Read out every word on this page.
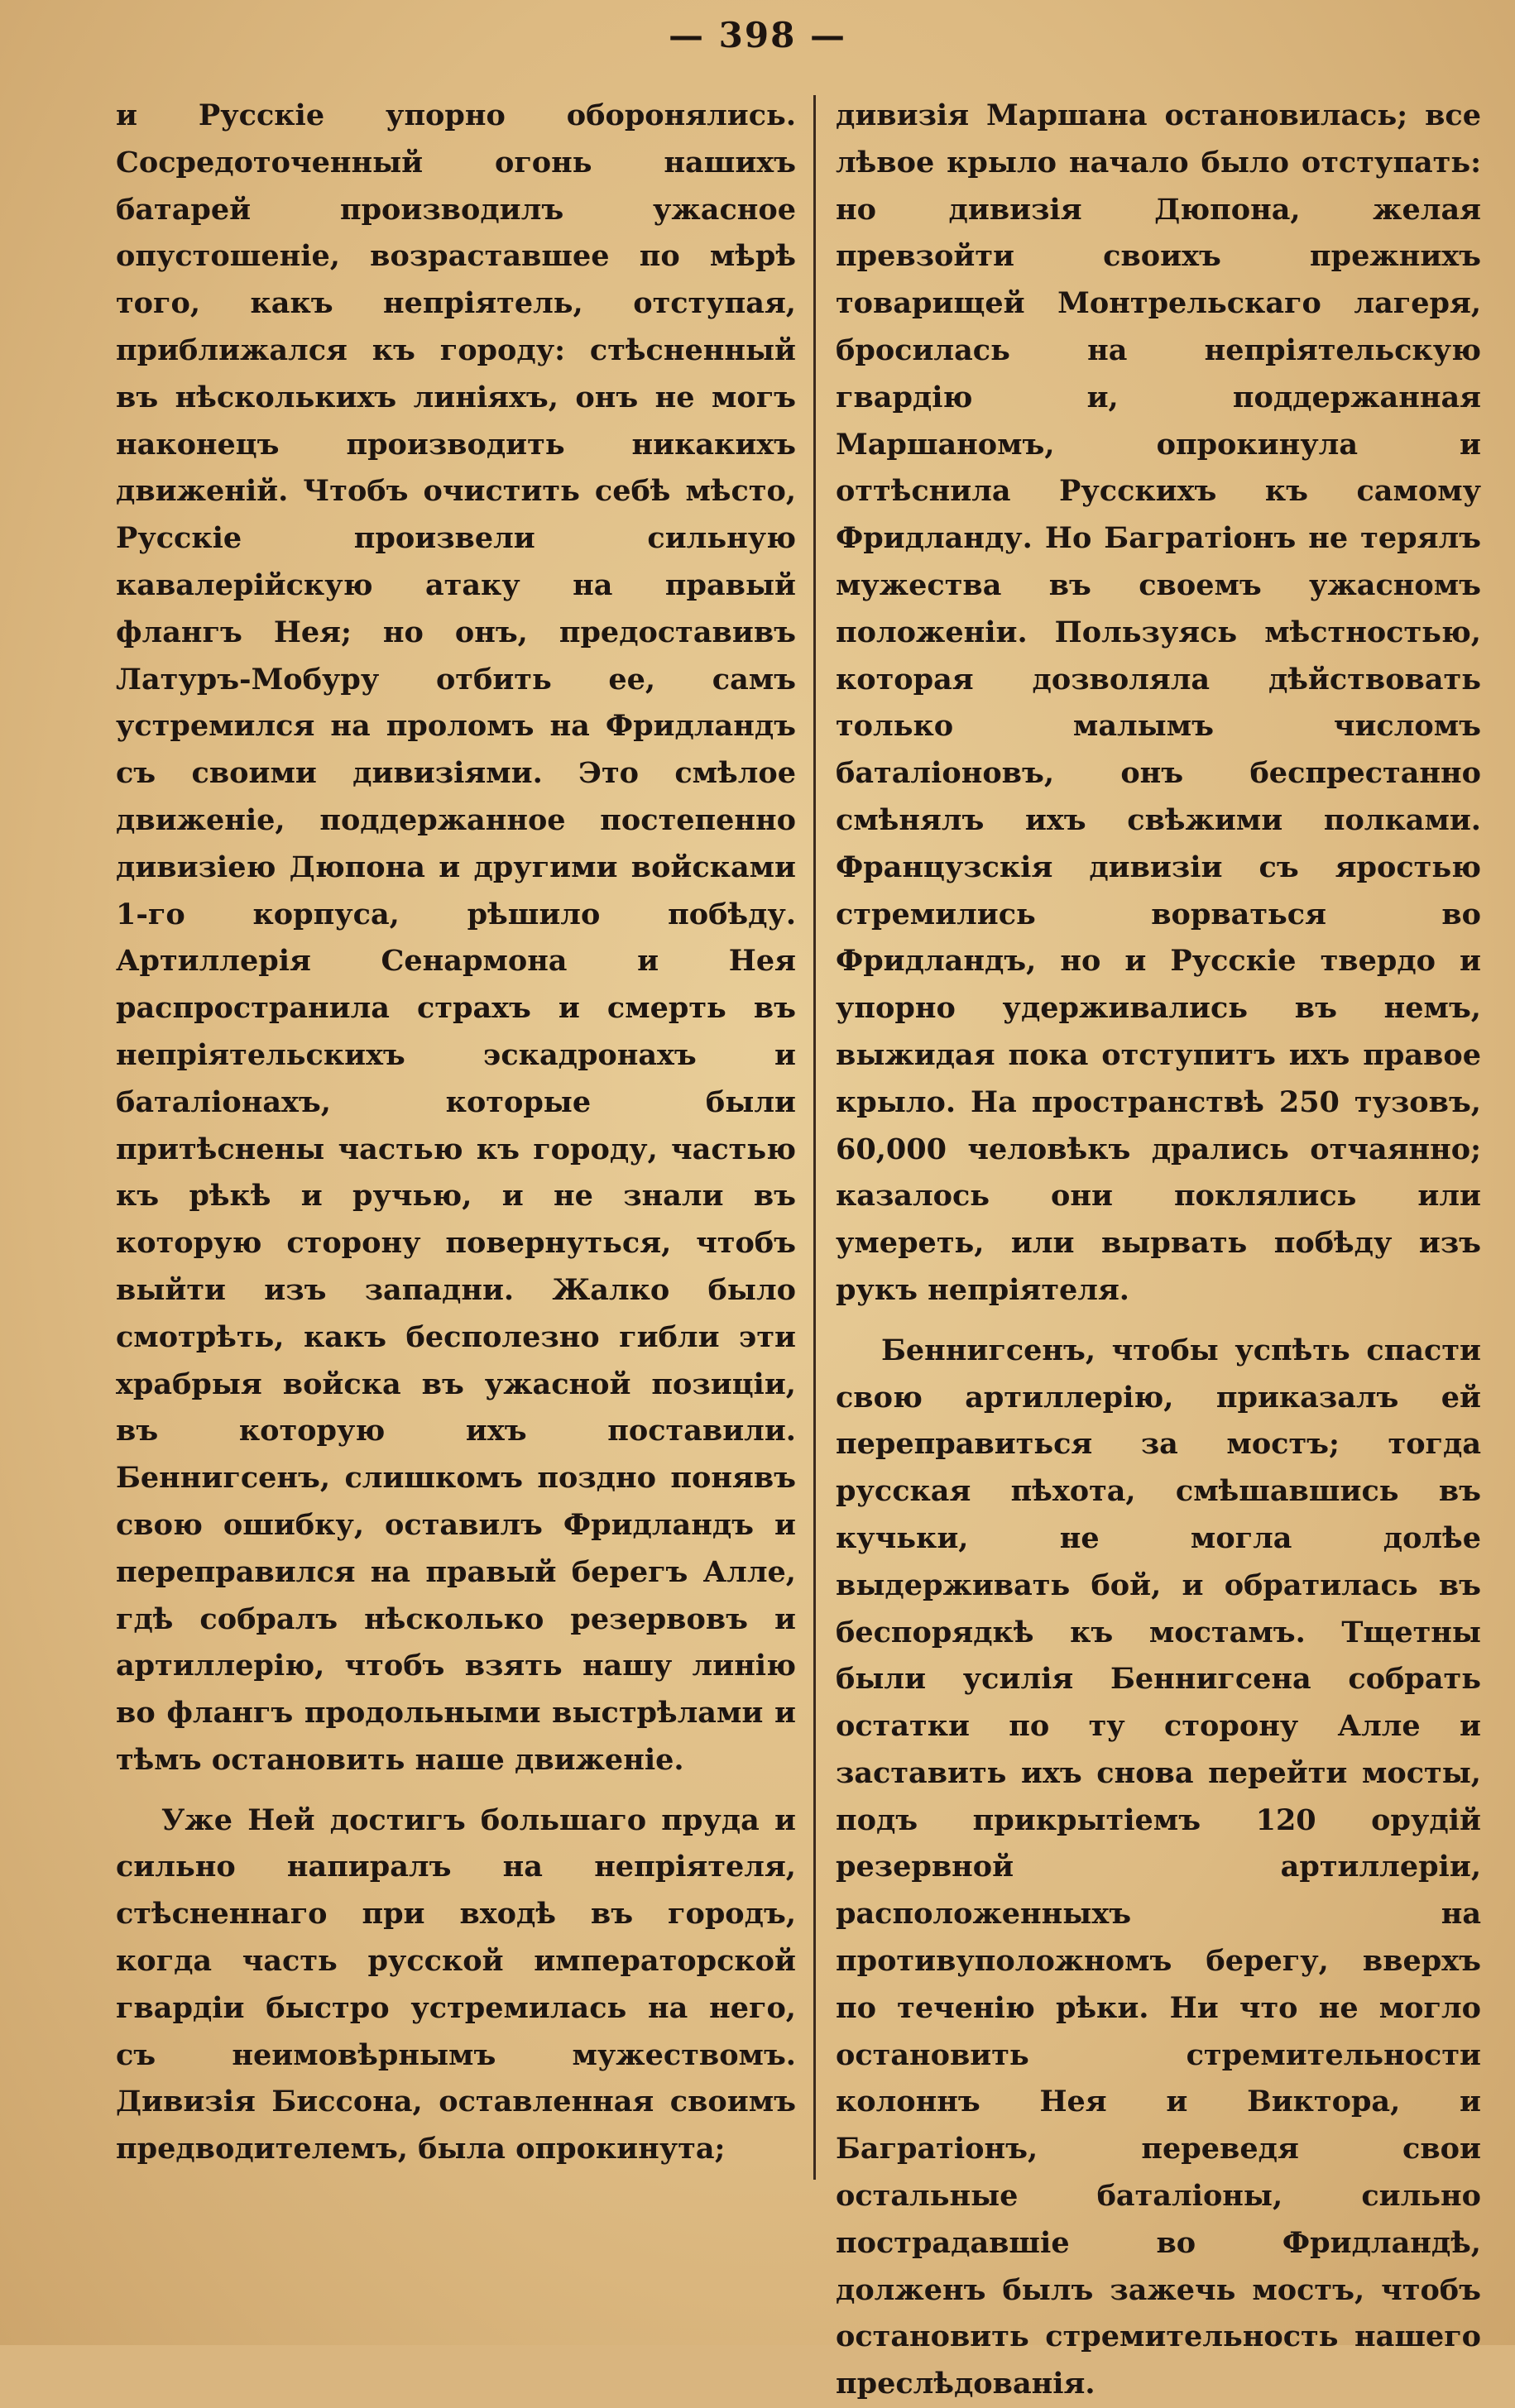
— 398 —

и Русскіе упорно оборонялись. Сосредоточенный огонь нашихъ батарей производилъ ужасное опустошеніе, возраставшее по мѣрѣ того, какъ непріятель, отступая, приближался къ городу: стѣсненный въ нѣсколькихъ линіяхъ, онъ не могъ наконецъ производить никакихъ движеній. Чтобъ очистить себѣ мѣсто, Русскіе произвели сильную кавалерійскую атаку на правый флангъ Нея; но онъ, предоставивъ Латуръ-Мобуру отбить ее, самъ устремился на проломъ на Фридландъ съ своими дивизіями. Это смѣлое движеніе, поддержанное постепенно дивизіею Дюпона и другими войсками 1-го корпуса, рѣшило побѣду. Артиллерія Сенармона и Нея распространила страхъ и смерть въ непріятельскихъ эскадронахъ и баталіонахъ, которые были притѣснены частью къ городу, частью къ рѣкѣ и ручью, и не знали въ которую сторону повернуться, чтобъ выйти изъ западни. Жалко было смотрѣть, какъ бесполезно гибли эти храбрыя войска въ ужасной позиціи, въ которую ихъ поставили. Беннигсенъ, слишкомъ поздно понявъ свою ошибку, оставилъ Фридландъ и переправился на правый берегъ Алле, гдѣ собралъ нѣсколько резервовъ и артиллерію, чтобъ взять нашу линію во флангъ продольными выстрѣлами и тѣмъ остановить наше движеніе.

Уже Ней достигъ большаго пруда и сильно напиралъ на непріятеля, стѣсненнаго при входѣ въ городъ, когда часть русской императорской гвардіи быстро устремилась на него, съ неимовѣрнымъ мужествомъ. Дивизія Биссона, оставленная своимъ предводителемъ, была опрокинута;

дивизія Маршана остановилась; все лѣвое крыло начало было отступать: но дивизія Дюпона, желая превзойти своихъ прежнихъ товарищей Монтрельскаго лагеря, бросилась на непріятельскую гвардію и, поддержанная Маршаномъ, опрокинула и оттѣснила Русскихъ къ самому Фридланду. Но Багратіонъ не терялъ мужества въ своемъ ужасномъ положеніи. Пользуясь мѣстностью, которая дозволяла дѣйствовать только малымъ числомъ баталіоновъ, онъ беспрестанно смѣнялъ ихъ свѣжими полками. Французскія дивизіи съ яростью стремились ворваться во Фридландъ, но и Русскіе твердо и упорно удерживались въ немъ, выжидая пока отступитъ ихъ правое крыло. На пространствѣ 250 тузовъ, 60,000 человѣкъ дрались отчаянно; казалось они поклялись или умереть, или вырвать побѣду изъ рукъ непріятеля.

Беннигсенъ, чтобы успѣть спасти свою артиллерію, приказалъ ей переправиться за мостъ; тогда русская пѣхота, смѣшавшись въ кучьки, не могла долѣе выдерживать бой, и обратилась въ беспорядкѣ къ мостамъ. Тщетны были усилія Беннигсена собрать остатки по ту сторону Алле и заставить ихъ снова перейти мосты, подъ прикрытіемъ 120 орудій резервной артиллеріи, расположенныхъ на противуположномъ берегу, вверхъ по теченію рѣки. Ни что не могло остановить стремительности колоннъ Нея и Виктора, и Багратіонъ, переведя свои остальные баталіоны, сильно пострадавшіе во Фридландѣ, долженъ былъ зажечь мостъ, чтобъ остановить стремительность нашего преслѣдованія.
